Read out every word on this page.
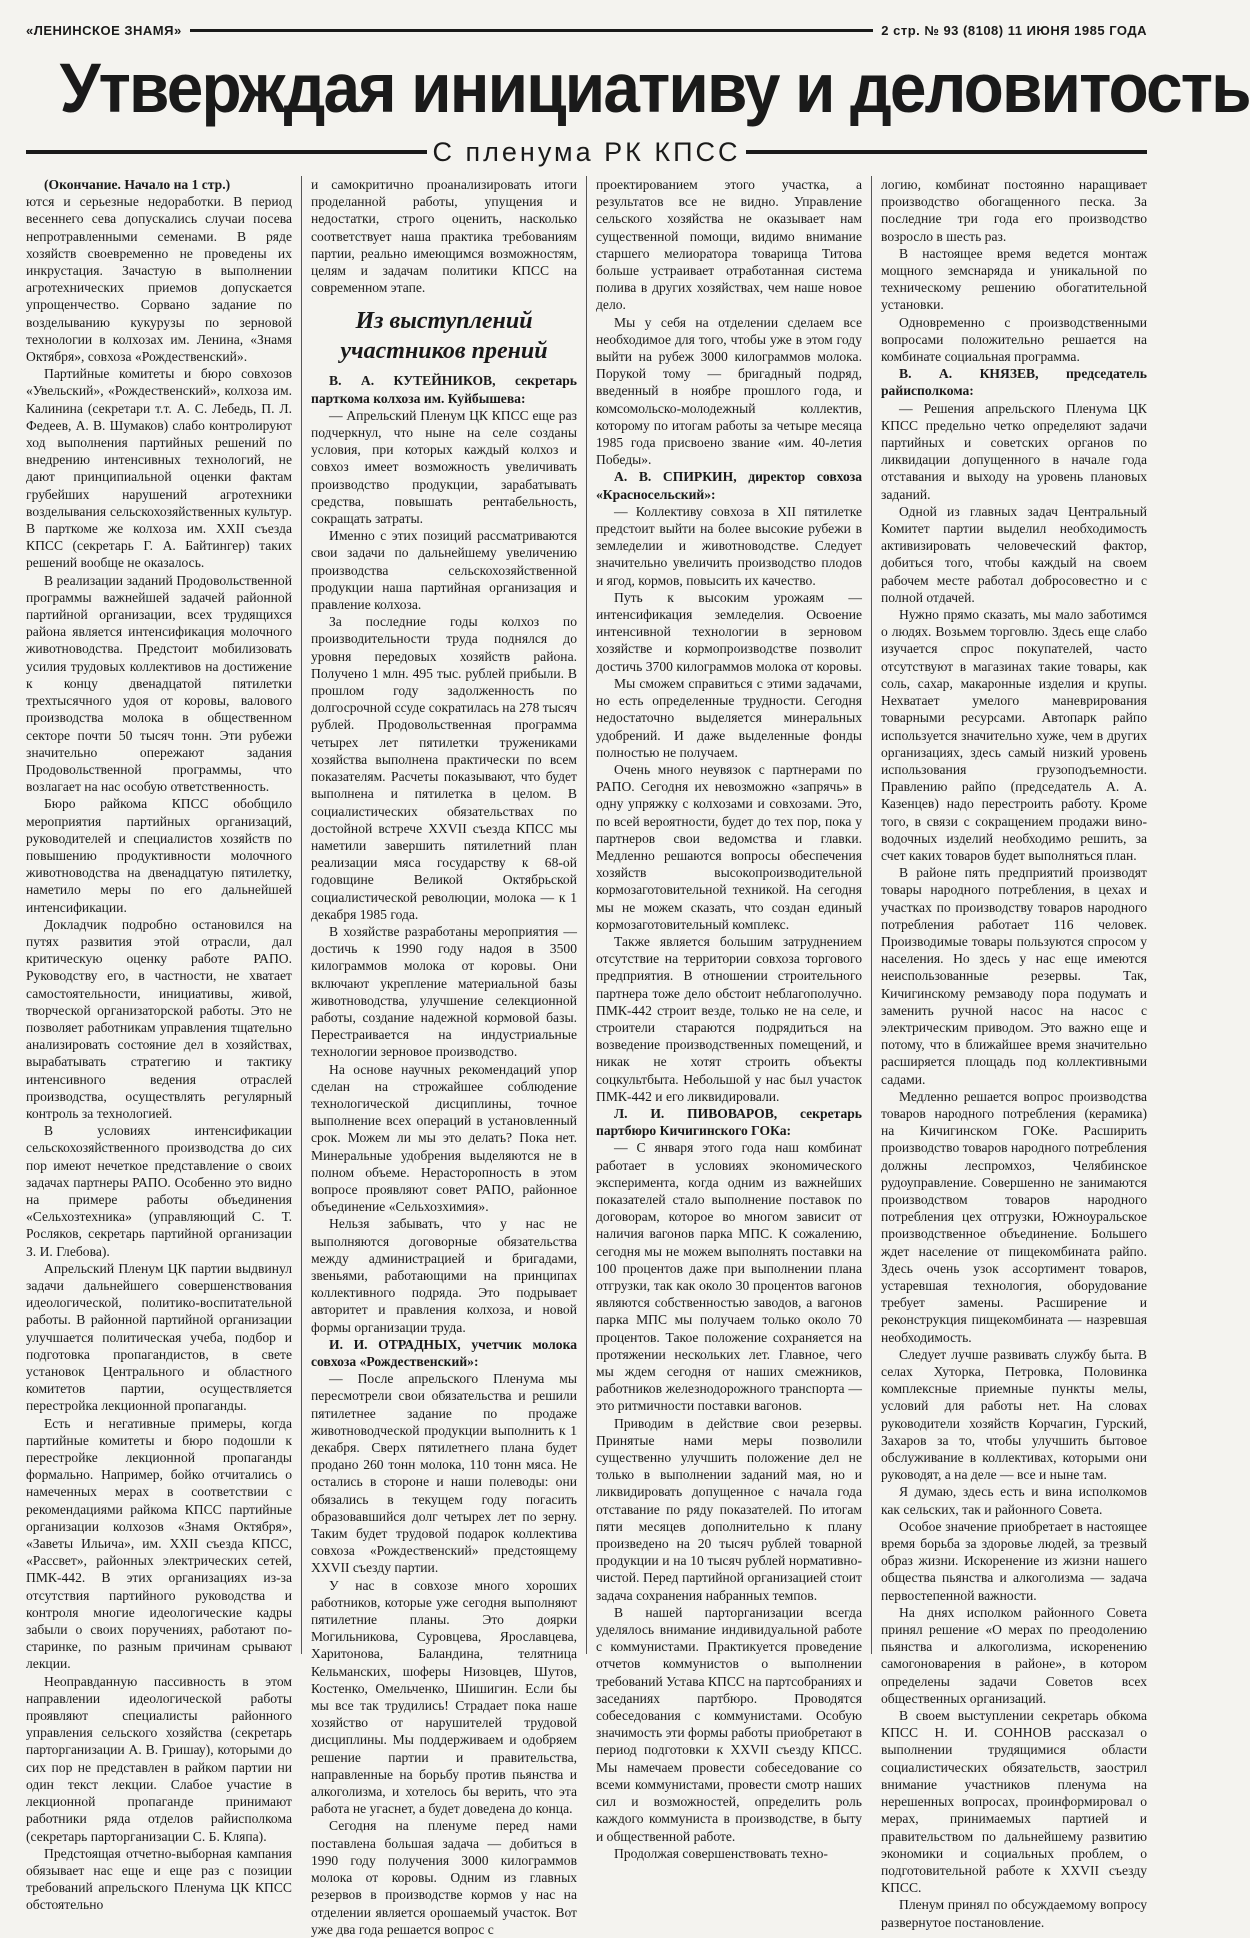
«ЛЕНИНСКОЕ ЗНАМЯ»	2 стр. № 93 (8108) 11 ИЮНЯ 1985 ГОДА
Утверждая инициативу и деловитость
С пленума РК КПСС

(Окончание. Начало на 1 стр.)

ются и серьезные недоработки. В период весеннего сева допускались случаи посева непротравленными семенами. В ряде хозяйств своевременно не проведены их инкрустация. Зачастую в выполнении агротехнических приемов допускается упрощенчество. Сорвано задание по возделыванию кукурузы по зерновой технологии в колхозах им. Ленина, «Знамя Октября», совхоза «Рождественский».

Партийные комитеты и бюро совхозов «Увельский», «Рождественский», колхоза им. Калинина (секретари т.т. А. С. Лебедь, П. Л. Федеев, А. В. Шумаков) слабо контролируют ход выполнения партийных решений по внедрению интенсивных технологий, не дают принципиальной оценки фактам грубейших нарушений агротехники возделывания сельскохозяйственных культур. В парткоме же колхоза им. XXII съезда КПСС (секретарь Г. А. Байтингер) таких решений вообще не оказалось.

В реализации заданий Продовольственной программы важнейшей задачей районной партийной организации, всех трудящихся района является интенсификация молочного животноводства. Предстоит мобилизовать усилия трудовых коллективов на достижение к концу двенадцатой пятилетки трехтысячного удоя от коровы, валового производства молока в общественном секторе почти 50 тысяч тонн. Эти рубежи значительно опережают задания Продовольственной программы, что возлагает на нас особую ответственность.

Бюро райкома КПСС обобщило мероприятия партийных организаций, руководителей и специалистов хозяйств по повышению продуктивности молочного животноводства на двенадцатую пятилетку, наметило меры по его дальнейшей интенсификации.

Докладчик подробно остановился на путях развития этой отрасли, дал критическую оценку работе РАПО. Руководству его, в частности, не хватает самостоятельности, инициативы, живой, творческой организаторской работы. Это не позволяет работникам управления тщательно анализировать состояние дел в хозяйствах, вырабатывать стратегию и тактику интенсивного ведения отраслей производства, осуществлять регулярный контроль за технологией.

В условиях интенсификации сельскохозяйственного производства до сих пор имеют нечеткое представление о своих задачах партнеры РАПО. Особенно это видно на примере работы объединения «Сельхозтехника» (управляющий С. Т. Росляков, секретарь партийной организации З. И. Глебова).

Апрельский Пленум ЦК партии выдвинул задачи дальнейшего совершенствования идеологической, политико-воспитательной работы. В районной партийной организации улучшается политическая учеба, подбор и подготовка пропагандистов, в свете установок Центрального и областного комитетов партии, осуществляется перестройка лекционной пропаганды.

Есть и негативные примеры, когда партийные комитеты и бюро подошли к перестройке лекционной пропаганды формально. Например, бойко отчитались о намеченных мерах в соответствии с рекомендациями райкома КПСС партийные организации колхозов «Знамя Октября», «Заветы Ильича», им. XXII съезда КПСС, «Рассвет», районных электрических сетей, ПМК-442. В этих организациях из-за отсутствия партийного руководства и контроля многие идеологические кадры забыли о своих поручениях, работают по-старинке, по разным причинам срывают лекции.

Неоправданную пассивность в этом направлении идеологической работы проявляют специалисты районного управления сельского хозяйства (секретарь парторганизации А. В. Гришау), которыми до сих пор не представлен в райком партии ни один текст лекции. Слабое участие в лекционной пропаганде принимают работники ряда отделов райисполкома (секретарь парторганизации С. Б. Кляпа).

Предстоящая отчетно-выборная кампания обязывает нас еще и еще раз с позиции требований апрельского Пленума ЦК КПСС обстоятельно

и самокритично проанализировать итоги проделанной работы, упущения и недостатки, строго оценить, насколько соответствует наша практика требованиям партии, реально имеющимся возможностям, целям и задачам политики КПСС на современном этапе.

Из выступлений участников прений

В. А. КУТЕЙНИКОВ, секретарь парткома колхоза им. Куйбышева:

— Апрельский Пленум ЦК КПСС еще раз подчеркнул, что ныне на селе созданы условия, при которых каждый колхоз и совхоз имеет возможность увеличивать производство продукции, зарабатывать средства, повышать рентабельность, сокращать затраты.

Именно с этих позиций рассматриваются свои задачи по дальнейшему увеличению производства сельскохозяйственной продукции наша партийная организация и правление колхоза.

За последние годы колхоз по производительности труда поднялся до уровня передовых хозяйств района. Получено 1 млн. 495 тыс. рублей прибыли. В прошлом году задолженность по долгосрочной ссуде сократилась на 278 тысяч рублей. Продовольственная программа четырех лет пятилетки тружениками хозяйства выполнена практически по всем показателям. Расчеты показывают, что будет выполнена и пятилетка в целом. В социалистических обязательствах по достойной встрече XXVII съезда КПСС мы наметили завершить пятилетний план реализации мяса государству к 68-ой годовщине Великой Октябрьской социалистической революции, молока — к 1 декабря 1985 года.

В хозяйстве разработаны мероприятия — достичь к 1990 году надоя в 3500 килограммов молока от коровы. Они включают укрепление материальной базы животноводства, улучшение селекционной работы, создание надежной кормовой базы. Перестраивается на индустриальные технологии зерновое производство.

На основе научных рекомендаций упор сделан на строжайшее соблюдение технологической дисциплины, точное выполнение всех операций в установленный срок. Можем ли мы это делать? Пока нет. Минеральные удобрения выделяются не в полном объеме. Нерасторопность в этом вопросе проявляют совет РАПО, районное объединение «Сельхозхимия».

Нельзя забывать, что у нас не выполняются договорные обязательства между администрацией и бригадами, звеньями, работающими на принципах коллективного подряда. Это подрывает авторитет и правления колхоза, и новой формы организации труда.

И. И. ОТРАДНЫХ, учетчик молока совхоза «Рождественский»:

— После апрельского Пленума мы пересмотрели свои обязательства и решили пятилетнее задание по продаже животноводческой продукции выполнить к 1 декабря. Сверх пятилетнего плана будет продано 260 тонн молока, 110 тонн мяса. Не остались в стороне и наши полеводы: они обязались в текущем году погасить образовавшийся долг четырех лет по зерну. Таким будет трудовой подарок коллектива совхоза «Рождественский» предстоящему XXVII съезду партии.

У нас в совхозе много хороших работников, которые уже сегодня выполняют пятилетние планы. Это доярки Могильникова, Суровцева, Ярославцева, Харитонова, Баландина, телятница Кельманских, шоферы Низовцев, Шутов, Костенко, Омельченко, Шишигин. Если бы мы все так трудились! Страдает пока наше хозяйство от нарушителей трудовой дисциплины. Мы поддерживаем и одобряем решение партии и правительства, направленные на борьбу против пьянства и алкоголизма, и хотелось бы верить, что эта работа не угаснет, а будет доведена до конца.

Сегодня на пленуме перед нами поставлена большая задача — добиться в 1990 году получения 3000 килограммов молока от коровы. Одним из главных резервов в производстве кормов у нас на отделении является орошаемый участок. Вот уже два года решается вопрос с

проектированием этого участка, а результатов все не видно. Управление сельского хозяйства не оказывает нам существенной помощи, видимо внимание старшего мелиоратора товарища Титова больше устраивает отработанная система полива в других хозяйствах, чем наше новое дело.

Мы у себя на отделении сделаем все необходимое для того, чтобы уже в этом году выйти на рубеж 3000 килограммов молока. Порукой тому — бригадный подряд, введенный в ноябре прошлого года, и комсомольско-молодежный коллектив, которому по итогам работы за четыре месяца 1985 года присвоено звание «им. 40-летия Победы».

А. В. СПИРКИН, директор совхоза «Красносельский»:

— Коллективу совхоза в XII пятилетке предстоит выйти на более высокие рубежи в земледелии и животноводстве. Следует значительно увеличить производство плодов и ягод, кормов, повысить их качество.

Путь к высоким урожаям — интенсификация земледелия. Освоение интенсивной технологии в зерновом хозяйстве и кормопроизводстве позволит достичь 3700 килограммов молока от коровы.

Мы сможем справиться с этими задачами, но есть определенные трудности. Сегодня недостаточно выделяется минеральных удобрений. И даже выделенные фонды полностью не получаем.

Очень много неувязок с партнерами по РАПО. Сегодня их невозможно «запрячь» в одну упряжку с колхозами и совхозами. Это, по всей вероятности, будет до тех пор, пока у партнеров свои ведомства и главки. Медленно решаются вопросы обеспечения хозяйств высокопроизводительной кормозаготовительной техникой. На сегодня мы не можем сказать, что создан единый кормозаготовительный комплекс.

Также является большим затруднением отсутствие на территории совхоза торгового предприятия. В отношении строительного партнера тоже дело обстоит неблагополучно. ПМК-442 строит везде, только не на селе, и строители стараются подрядиться на возведение производственных помещений, и никак не хотят строить объекты соцкультбыта. Небольшой у нас был участок ПМК-442 и его ликвидировали.

Л. И. ПИВОВАРОВ, секретарь партбюро Кичигинского ГОКа:

— С января этого года наш комбинат работает в условиях экономического эксперимента, когда одним из важнейших показателей стало выполнение поставок по договорам, которое во многом зависит от наличия вагонов парка МПС. К сожалению, сегодня мы не можем выполнять поставки на 100 процентов даже при выполнении плана отгрузки, так как около 30 процентов вагонов являются собственностью заводов, а вагонов парка МПС мы получаем только около 70 процентов. Такое положение сохраняется на протяжении нескольких лет. Главное, чего мы ждем сегодня от наших смежников, работников железнодорожного транспорта — это ритмичности поставки вагонов.

Приводим в действие свои резервы. Принятые нами меры позволили существенно улучшить положение дел не только в выполнении заданий мая, но и ликвидировать допущенное с начала года отставание по ряду показателей. По итогам пяти месяцев дополнительно к плану произведено на 20 тысяч рублей товарной продукции и на 10 тысяч рублей нормативно-чистой. Перед партийной организацией стоит задача сохранения набранных темпов.

В нашей парторганизации всегда уделялось внимание индивидуальной работе с коммунистами. Практикуется проведение отчетов коммунистов о выполнении требований Устава КПСС на партсобраниях и заседаниях партбюро. Проводятся собеседования с коммунистами. Особую значимость эти формы работы приобретают в период подготовки к XXVII съезду КПСС. Мы намечаем провести собеседование со всеми коммунистами, провести смотр наших сил и возможностей, определить роль каждого коммуниста в производстве, в быту и общественной работе.

Продолжая совершенствовать техно-

логию, комбинат постоянно наращивает производство обогащенного песка. За последние три года его производство возросло в шесть раз.

В настоящее время ведется монтаж мощного земснаряда и уникальной по техническому решению обогатительной установки.

Одновременно с производственными вопросами положительно решается на комбинате социальная программа.

В. А. КНЯЗЕВ, председатель райисполкома:

— Решения апрельского Пленума ЦК КПСС предельно четко определяют задачи партийных и советских органов по ликвидации допущенного в начале года отставания и выходу на уровень плановых заданий.

Одной из главных задач Центральный Комитет партии выделил необходимость активизировать человеческий фактор, добиться того, чтобы каждый на своем рабочем месте работал добросовестно и с полной отдачей.

Нужно прямо сказать, мы мало заботимся о людях. Возьмем торговлю. Здесь еще слабо изучается спрос покупателей, часто отсутствуют в магазинах такие товары, как соль, сахар, макаронные изделия и крупы. Нехватает умелого маневрирования товарными ресурсами. Автопарк райпо используется значительно хуже, чем в других организациях, здесь самый низкий уровень использования грузоподъемности. Правлению райпо (председатель А. А. Казенцев) надо перестроить работу. Кроме того, в связи с сокращением продажи вино-водочных изделий необходимо решить, за счет каких товаров будет выполняться план.

В районе пять предприятий производят товары народного потребления, в цехах и участках по производству товаров народного потребления работает 116 человек. Производимые товары пользуются спросом у населения. Но здесь у нас еще имеются неиспользованные резервы. Так, Кичигинскому ремзаводу пора подумать и заменить ручной насос на насос с электрическим приводом. Это важно еще и потому, что в ближайшее время значительно расширяется площадь под коллективными садами.

Медленно решается вопрос производства товаров народного потребления (керамика) на Кичигинском ГОКе. Расширить производство товаров народного потребления должны леспромхоз, Челябинское рудоуправление. Совершенно не занимаются производством товаров народного потребления цех отгрузки, Южноуральское производственное объединение. Большего ждет население от пищекомбината райпо. Здесь очень узок ассортимент товаров, устаревшая технология, оборудование требует замены. Расширение и реконструкция пищекомбината — назревшая необходимость.

Следует лучше развивать службу быта. В селах Хуторка, Петровка, Половинка комплексные приемные пункты мелы, условий для работы нет. На словах руководители хозяйств Корчагин, Гурский, Захаров за то, чтобы улучшить бытовое обслуживание в коллективах, которыми они руководят, а на деле — все и ныне там.

Я думаю, здесь есть и вина исполкомов как сельских, так и районного Совета.

Особое значение приобретает в настоящее время борьба за здоровье людей, за трезвый образ жизни. Искоренение из жизни нашего общества пьянства и алкоголизма — задача первостепенной важности.

На днях исполком районного Совета принял решение «О мерах по преодолению пьянства и алкоголизма, искоренению самогоноварения в районе», в котором определены задачи Советов всех общественных организаций.

В своем выступлении секретарь обкома КПСС Н. И. СОННОВ рассказал о выполнении трудящимися области социалистических обязательств, заострил внимание участников пленума на нерешенных вопросах, проинформировал о мерах, принимаемых партией и правительством по дальнейшему развитию экономики и социальных проблем, о подготовительной работе к XXVII съезду КПСС.

Пленум принял по обсуждаемому вопросу развернутое постановление.
